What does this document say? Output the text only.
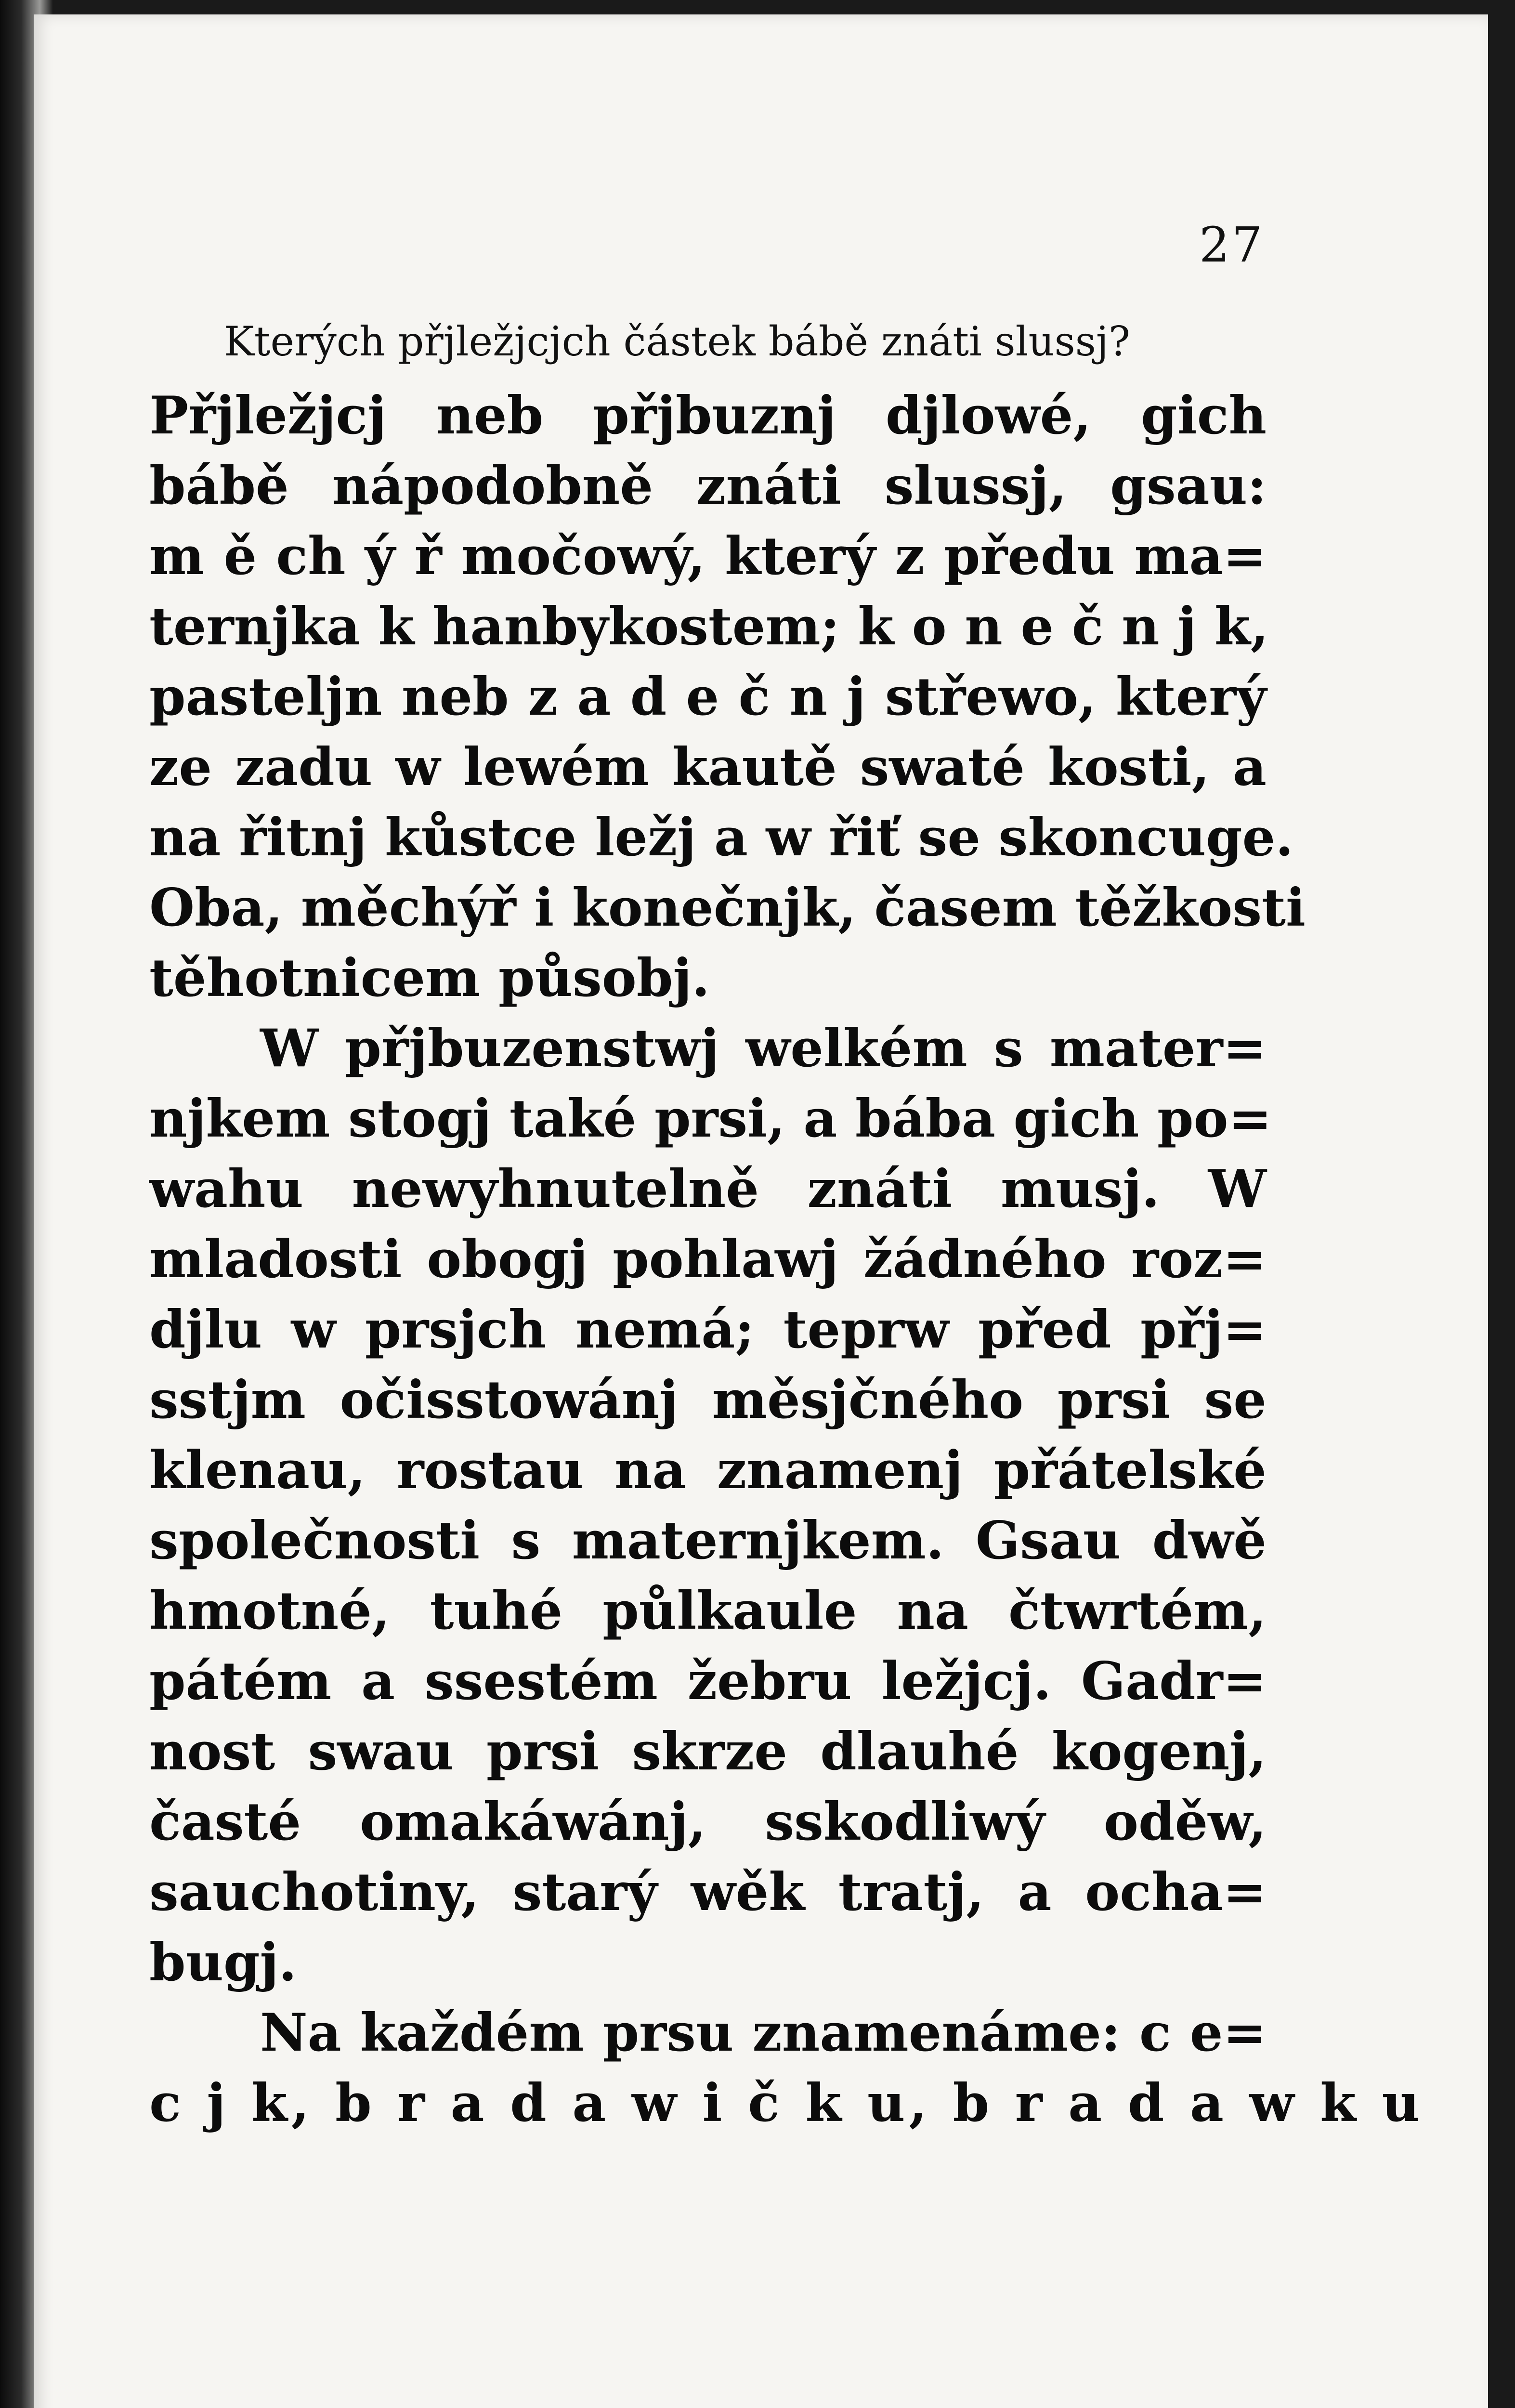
27
Kterých přjležjcjch částek bábě znáti slussj?
Přjležjcj neb přjbuznj djlowé, gich
bábě nápodobně znáti slussj, gsau:
m ě ch ý ř močowý, který z předu ma=
ternjka k hanbykostem; k o n e č n j k,
pasteljn neb z a d e č n j střewo, který
ze zadu w lewém kautě swaté kosti, a
na řitnj kůstce ležj a w řiť se skoncuge.
Oba, měchýř i konečnjk, časem těžkosti
těhotnicem působj.
W přjbuzenstwj welkém s mater=
njkem stogj také prsi, a bába gich po=
wahu newyhnutelně znáti musj. W
mladosti obogj pohlawj žádného roz=
djlu w prsjch nemá; teprw před přj=
sstjm očisstowánj měsjčného prsi se
klenau, rostau na znamenj přátelské
společnosti s maternjkem. Gsau dwě
hmotné, tuhé půlkaule na čtwrtém,
pátém a ssestém žebru ležjcj. Gadr=
nost swau prsi skrze dlauhé kogenj,
časté omakáwánj, sskodliwý oděw,
sauchotiny, starý wěk tratj, a ocha=
bugj.
Na každém prsu znamenáme: c e=
c j k, b r a d a w i č k u, b r a d a w k u
